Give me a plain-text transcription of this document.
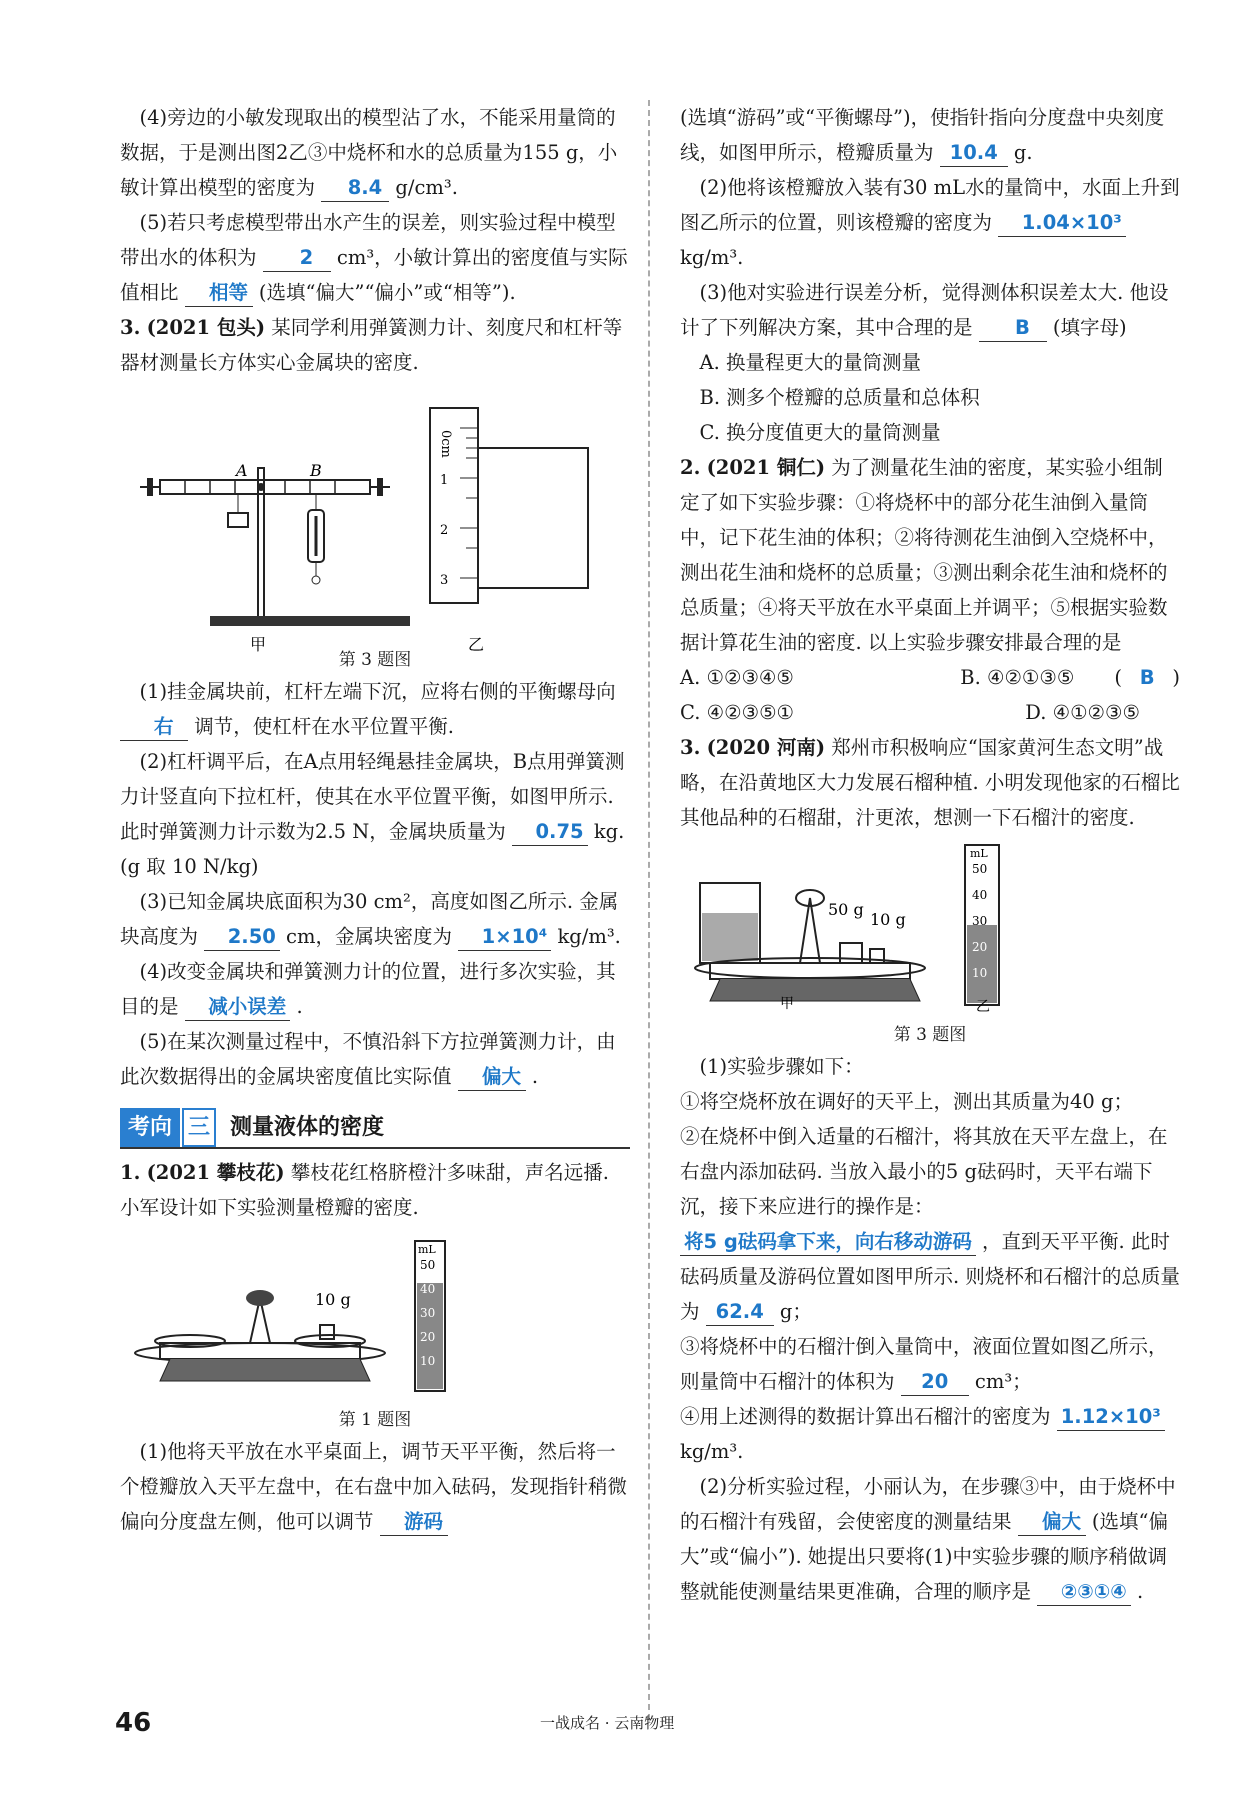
(4)旁边的小敏发现取出的模型沾了水，不能采用量筒的数据，于是测出图2乙③中烧杯和水的总质量为155 g，小敏计算出模型的密度为 8.4 g/cm³.

(5)若只考虑模型带出水产生的误差，则实验过程中模型带出水的体积为 2 cm³，小敏计算出的密度值与实际值相比 相等 (选填“偏大”“偏小”或“相等”).

3. (2021 包头) 某同学利用弹簧测力计、刻度尺和杠杆等器材测量长方体实心金属块的密度.

A	B
甲
0cm
1
2
3
乙

第 3 题图

(1)挂金属块前，杠杆左端下沉，应将右侧的平衡螺母向 右 调节，使杠杆在水平位置平衡.

(2)杠杆调平后，在A点用轻绳悬挂金属块，B点用弹簧测力计竖直向下拉杠杆，使其在水平位置平衡，如图甲所示. 此时弹簧测力计示数为2.5 N，金属块质量为 0.75 kg. (g 取 10 N/kg)

(3)已知金属块底面积为30 cm²，高度如图乙所示. 金属块高度为 2.50 cm，金属块密度为 1×10⁴ kg/m³.

(4)改变金属块和弹簧测力计的位置，进行多次实验，其目的是 减小误差 .

(5)在某次测量过程中，不慎沿斜下方拉弹簧测力计，由此次数据得出的金属块密度值比实际值 偏大 .

考向 三 测量液体的密度

1. (2021 攀枝花) 攀枝花红格脐橙汁多味甜，声名远播. 小军设计如下实验测量橙瓣的密度.

10 g
mL
50
40
30
20
10

第 1 题图

(1)他将天平放在水平桌面上，调节天平平衡，然后将一个橙瓣放入天平左盘中，在右盘中加入砝码，发现指针稍微偏向分度盘左侧，他可以调节 游码

(选填“游码”或“平衡螺母”)，使指针指向分度盘中央刻度线，如图甲所示，橙瓣质量为 10.4 g.

(2)他将该橙瓣放入装有30 mL水的量筒中，水面上升到图乙所示的位置，则该橙瓣的密度为 1.04×10³ kg/m³.

(3)他对实验进行误差分析，觉得测体积误差太大. 他设计了下列解决方案，其中合理的是 B (填字母)

A. 换量程更大的量筒测量

B. 测多个橙瓣的总质量和总体积

C. 换分度值更大的量筒测量

2. (2021 铜仁) 为了测量花生油的密度，某实验小组制定了如下实验步骤：①将烧杯中的部分花生油倒入量筒中，记下花生油的体积；②将待测花生油倒入空烧杯中，测出花生油和烧杯的总质量；③测出剩余花生油和烧杯的总质量；④将天平放在水平桌面上并调平；⑤根据实验数据计算花生油的密度. 以上实验步骤安排最合理的是
( B )

A. ①②③④⑤	B. ④②①③⑤
C. ④②③⑤①	D. ④①②③⑤

3. (2020 河南) 郑州市积极响应“国家黄河生态文明”战略，在沿黄地区大力发展石榴种植. 小明发现他家的石榴比其他品种的石榴甜，汁更浓，想测一下石榴汁的密度.

50 g
10 g
甲
mL
50
40
30
20
10
乙

第 3 题图

(1)实验步骤如下：

①将空烧杯放在调好的天平上，测出其质量为40 g；

②在烧杯中倒入适量的石榴汁，将其放在天平左盘上，在右盘内添加砝码. 当放入最小的5 g砝码时，天平右端下沉，接下来应进行的操作是： 将5 g砝码拿下来，向右移动游码 ，直到天平平衡. 此时砝码质量及游码位置如图甲所示. 则烧杯和石榴汁的总质量为 62.4 g；

③将烧杯中的石榴汁倒入量筒中，液面位置如图乙所示，则量筒中石榴汁的体积为 20 cm³；

④用上述测得的数据计算出石榴汁的密度为 1.12×10³ kg/m³.

(2)分析实验过程，小丽认为，在步骤③中，由于烧杯中的石榴汁有残留，会使密度的测量结果 偏大 (选填“偏大”或“偏小”). 她提出只要将(1)中实验步骤的顺序稍做调整就能使测量结果更准确，合理的顺序是 ②③①④ .

46	一战成名 · 云南物理
